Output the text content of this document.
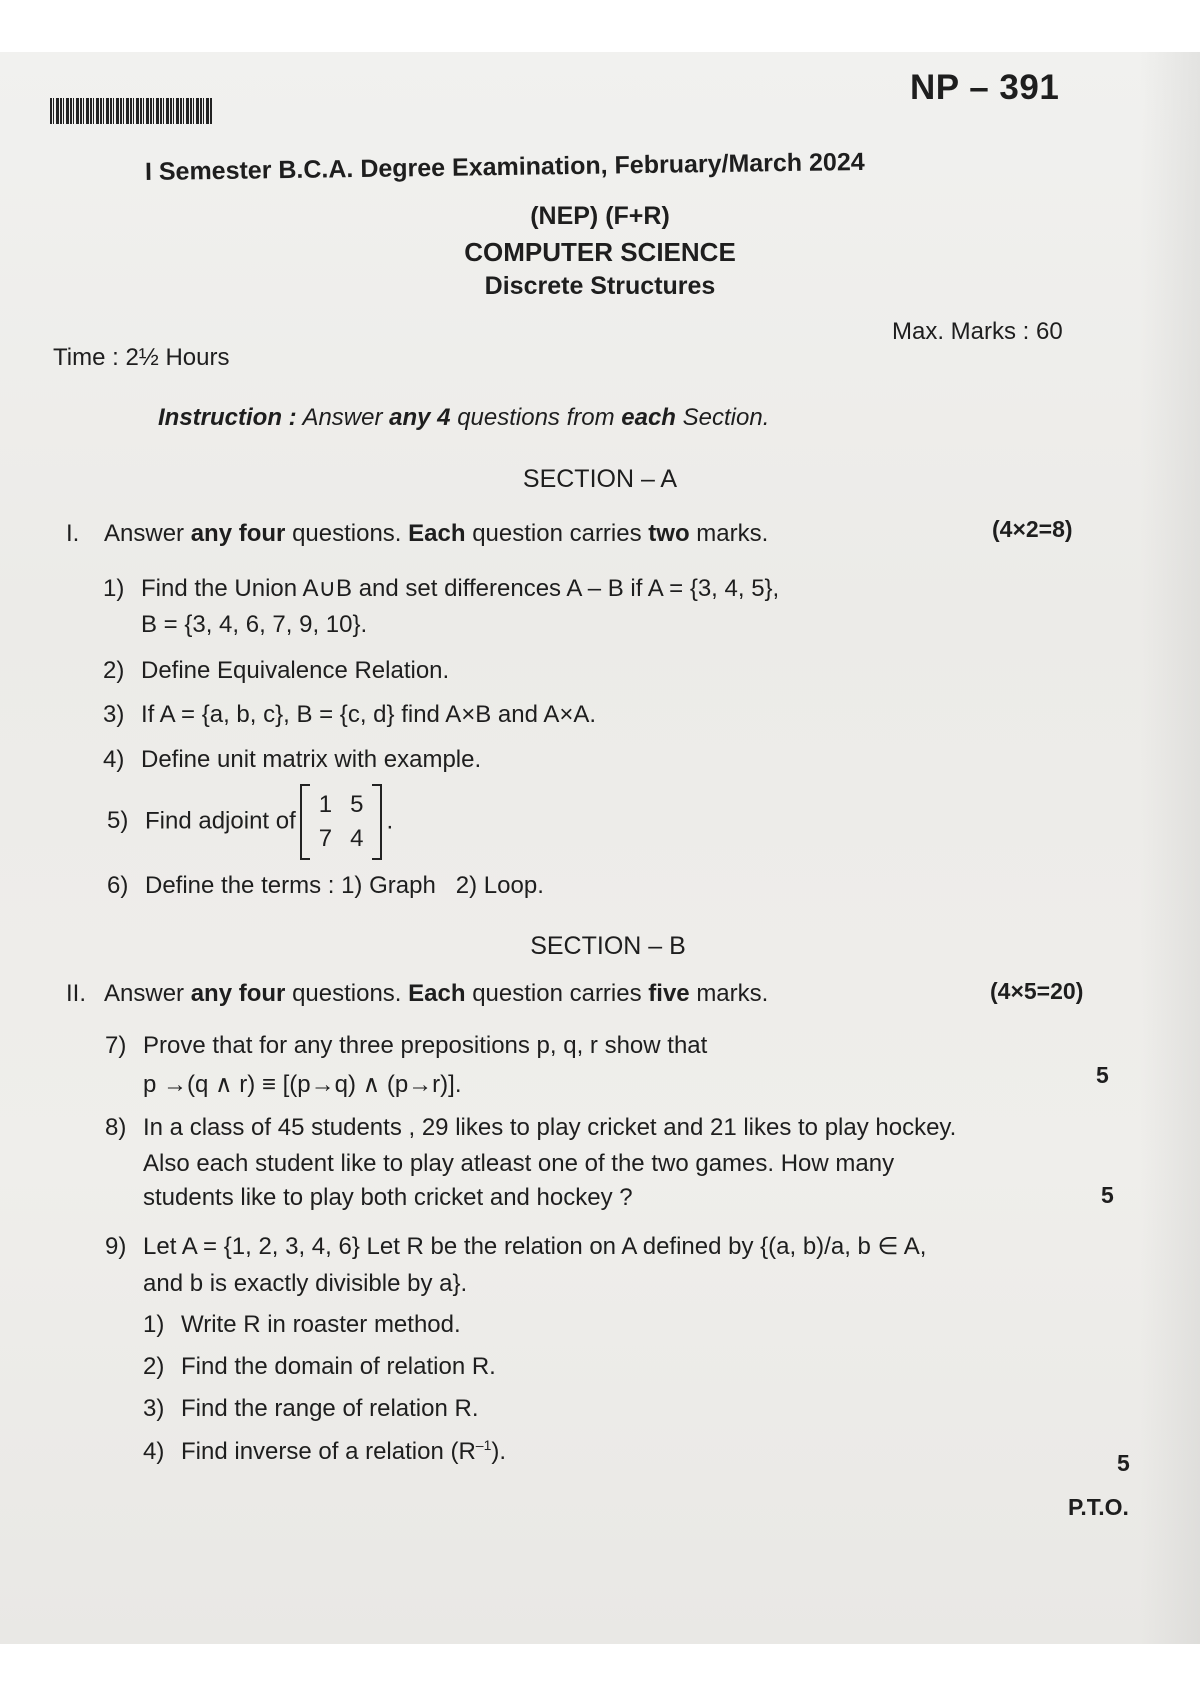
NP – 391
I Semester B.C.A. Degree Examination, February/March 2024
(NEP) (F+R)
COMPUTER SCIENCE
Discrete Structures
Time : 2½ Hours
Max. Marks : 60
Instruction : Answer any 4 questions from each Section.
SECTION – A
I. Answer any four questions. Each question carries two marks.	(4×2=8)
1) Find the Union A∪B and set differences A – B if A = {3, 4, 5},
B = {3, 4, 6, 7, 9, 10}.
2) Define Equivalence Relation.
3) If A = {a, b, c}, B = {c, d} find A×B and A×A.
4) Define unit matrix with example.
5) Find adjoint of
1	5
7	4
.
6) Define the terms : 1) Graph   2) Loop.
SECTION – B
II. Answer any four questions. Each question carries five marks.	(4×5=20)
7) Prove that for any three prepositions p, q, r show that
p →(q ∧ r) ≡ [(p→q) ∧ (p→r)].	5
8) In a class of 45 students , 29 likes to play cricket and 21 likes to play hockey.
Also each student like to play atleast one of the two games. How many
students like to play both cricket and hockey ?	5
9) Let A = {1, 2, 3, 4, 6} Let R be the relation on A defined by {(a, b)/a, b ∈ A,
and b is exactly divisible by a}.
1) Write R in roaster method.
2) Find the domain of relation R.
3) Find the range of relation R.
4) Find inverse of a relation $(R^{-1})$.	5
P.T.O.
